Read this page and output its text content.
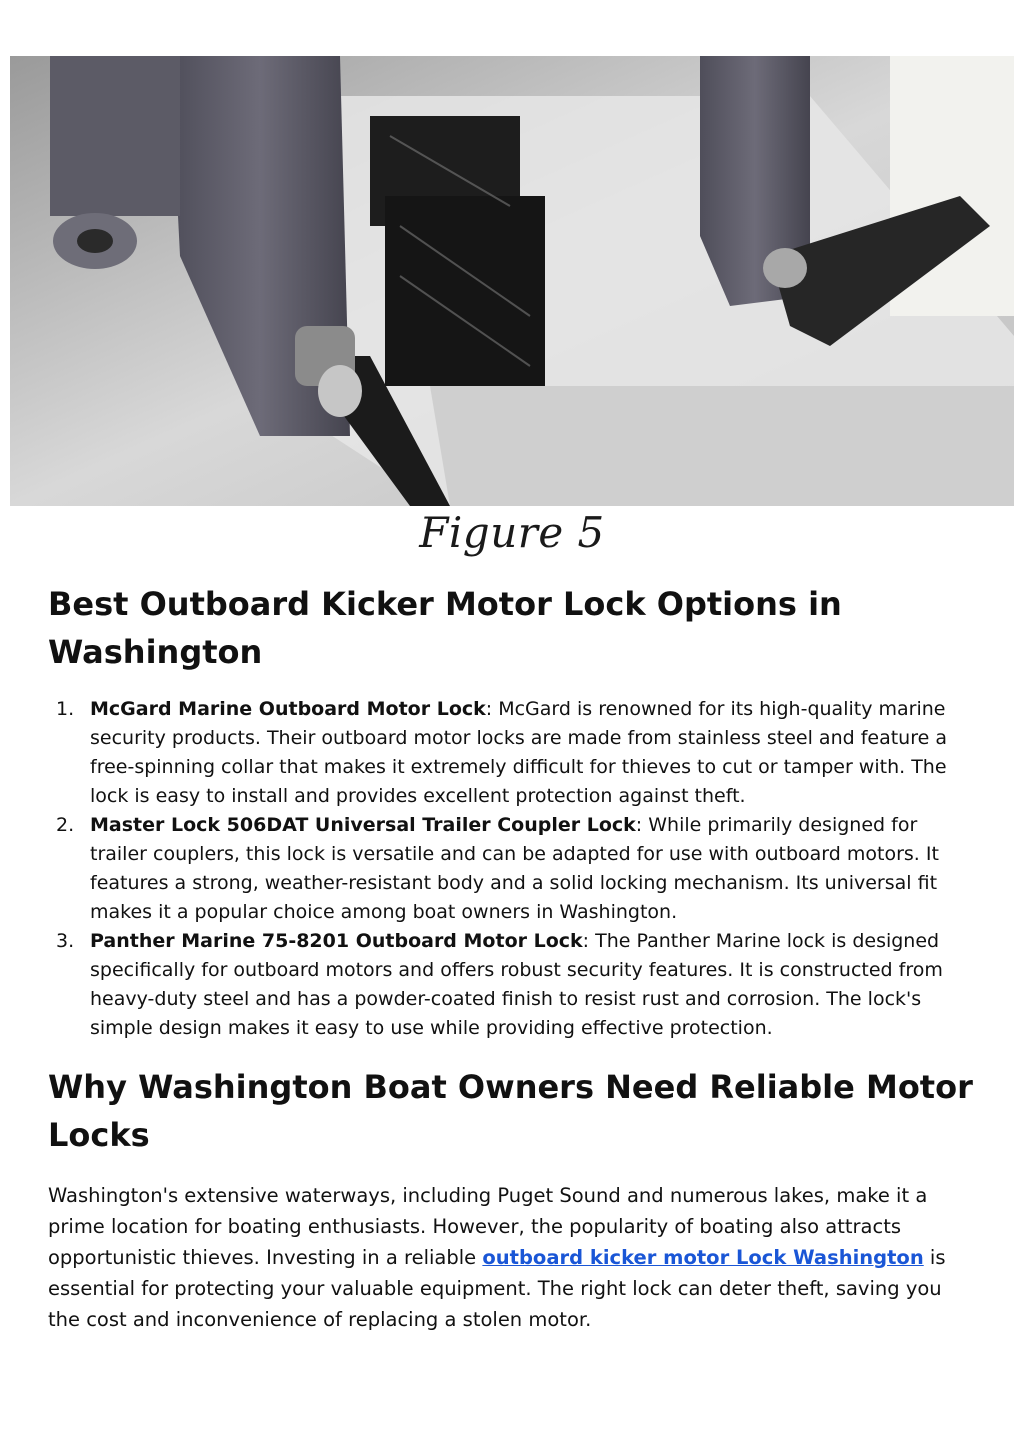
Figure 5
Best Outboard Kicker Motor Lock Options in Washington
1. McGard Marine Outboard Motor Lock: McGard is renowned for its high-quality marine security products. Their outboard motor locks are made from stainless steel and feature a free-spinning collar that makes it extremely difficult for thieves to cut or tamper with. The lock is easy to install and provides excellent protection against theft.
2. Master Lock 506DAT Universal Trailer Coupler Lock: While primarily designed for trailer couplers, this lock is versatile and can be adapted for use with outboard motors. It features a strong, weather-resistant body and a solid locking mechanism. Its universal fit makes it a popular choice among boat owners in Washington.
3. Panther Marine 75-8201 Outboard Motor Lock: The Panther Marine lock is designed specifically for outboard motors and offers robust security features. It is constructed from heavy-duty steel and has a powder-coated finish to resist rust and corrosion. The lock's simple design makes it easy to use while providing effective protection.
Why Washington Boat Owners Need Reliable Motor Locks

Washington's extensive waterways, including Puget Sound and numerous lakes, make it a prime location for boating enthusiasts. However, the popularity of boating also attracts opportunistic thieves. Investing in a reliable outboard kicker motor Lock Washington is essential for protecting your valuable equipment. The right lock can deter theft, saving you the cost and inconvenience of replacing a stolen motor.
